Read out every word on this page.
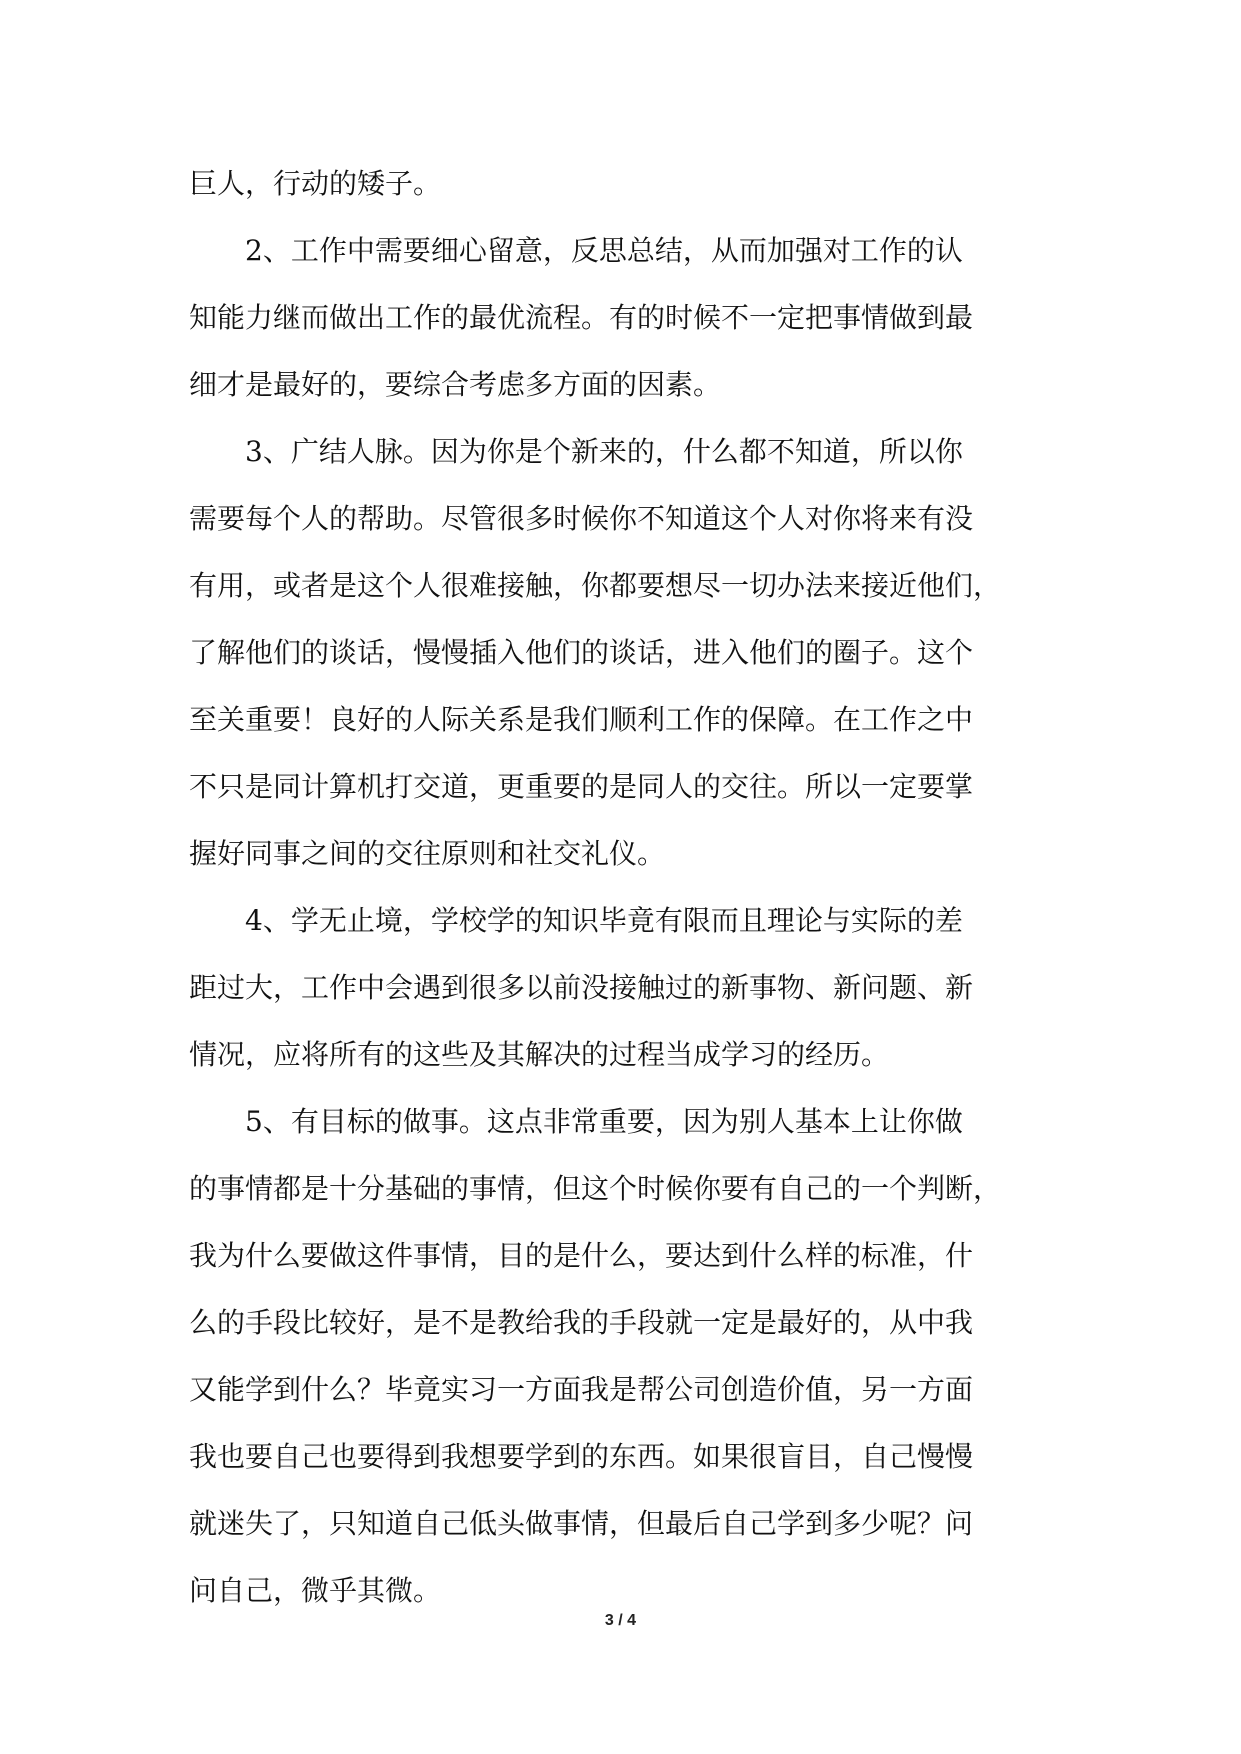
巨人，行动的矮子。
　　2、工作中需要细心留意，反思总结，从而加强对工作的认
知能力继而做出工作的最优流程。有的时候不一定把事情做到最
细才是最好的，要综合考虑多方面的因素。
　　3、广结人脉。因为你是个新来的，什么都不知道，所以你
需要每个人的帮助。尽管很多时候你不知道这个人对你将来有没
有用，或者是这个人很难接触，你都要想尽一切办法来接近他们，
了解他们的谈话，慢慢插入他们的谈话，进入他们的圈子。这个
至关重要！良好的人际关系是我们顺利工作的保障。在工作之中
不只是同计算机打交道，更重要的是同人的交往。所以一定要掌
握好同事之间的交往原则和社交礼仪。
　　4、学无止境，学校学的知识毕竟有限而且理论与实际的差
距过大，工作中会遇到很多以前没接触过的新事物、新问题、新
情况，应将所有的这些及其解决的过程当成学习的经历。
　　5、有目标的做事。这点非常重要，因为别人基本上让你做
的事情都是十分基础的事情，但这个时候你要有自己的一个判断，
我为什么要做这件事情，目的是什么，要达到什么样的标准，什
么的手段比较好，是不是教给我的手段就一定是最好的，从中我
又能学到什么？毕竟实习一方面我是帮公司创造价值，另一方面
我也要自己也要得到我想要学到的东西。如果很盲目，自己慢慢
就迷失了，只知道自己低头做事情，但最后自己学到多少呢？问
问自己，微乎其微。
3 / 4
